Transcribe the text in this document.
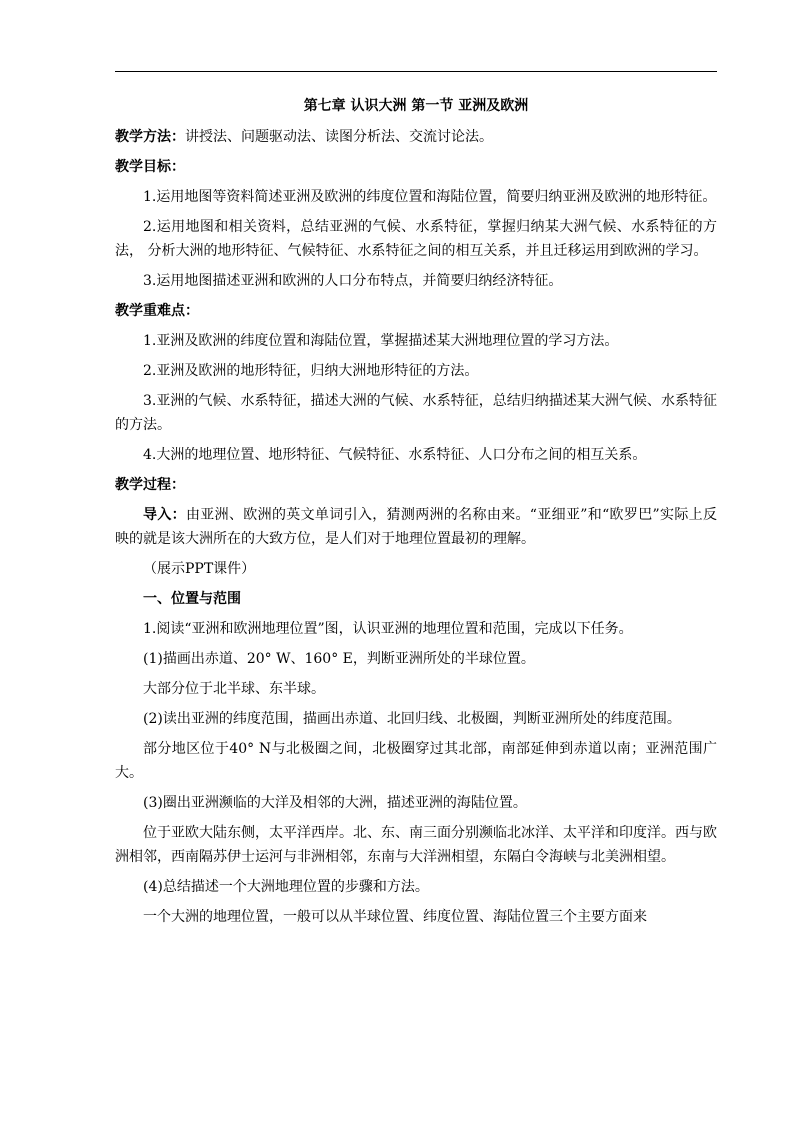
第七章 认识大洲 第一节 亚洲及欧洲

教学方法：讲授法、问题驱动法、读图分析法、交流讨论法。

教学目标：

1.运用地图等资料简述亚洲及欧洲的纬度位置和海陆位置，简要归纳亚洲及欧洲的地形特征。

2.运用地图和相关资料，总结亚洲的气候、水系特征，掌握归纳某大洲气候、水系特征的方法， 分析大洲的地形特征、气候特征、水系特征之间的相互关系，并且迁移运用到欧洲的学习。

3.运用地图描述亚洲和欧洲的人口分布特点，并简要归纳经济特征。

教学重难点：

1.亚洲及欧洲的纬度位置和海陆位置，掌握描述某大洲地理位置的学习方法。

2.亚洲及欧洲的地形特征，归纳大洲地形特征的方法。

3.亚洲的气候、水系特征，描述大洲的气候、水系特征，总结归纳描述某大洲气候、水系特征的方法。

4.大洲的地理位置、地形特征、气候特征、水系特征、人口分布之间的相互关系。

教学过程：

导入：由亚洲、欧洲的英文单词引入，猜测两洲的名称由来。“亚细亚”和“欧罗巴”实际上反映的就是该大洲所在的大致方位，是人们对于地理位置最初的理解。

（展示PPT课件）

一、位置与范围

1.阅读“亚洲和欧洲地理位置”图，认识亚洲的地理位置和范围，完成以下任务。

(1)描画出赤道、20° W、160° E，判断亚洲所处的半球位置。

大部分位于北半球、东半球。

(2)读出亚洲的纬度范围，描画出赤道、北回归线、北极圈，判断亚洲所处的纬度范围。

部分地区位于40° N与北极圈之间，北极圈穿过其北部，南部延伸到赤道以南；亚洲范围广大。

(3)圈出亚洲濒临的大洋及相邻的大洲，描述亚洲的海陆位置。

位于亚欧大陆东侧，太平洋西岸。北、东、南三面分别濒临北冰洋、太平洋和印度洋。西与欧洲相邻，西南隔苏伊士运河与非洲相邻，东南与大洋洲相望，东隔白令海峡与北美洲相望。

(4)总结描述一个大洲地理位置的步骤和方法。

一个大洲的地理位置，一般可以从半球位置、纬度位置、海陆位置三个主要方面来
